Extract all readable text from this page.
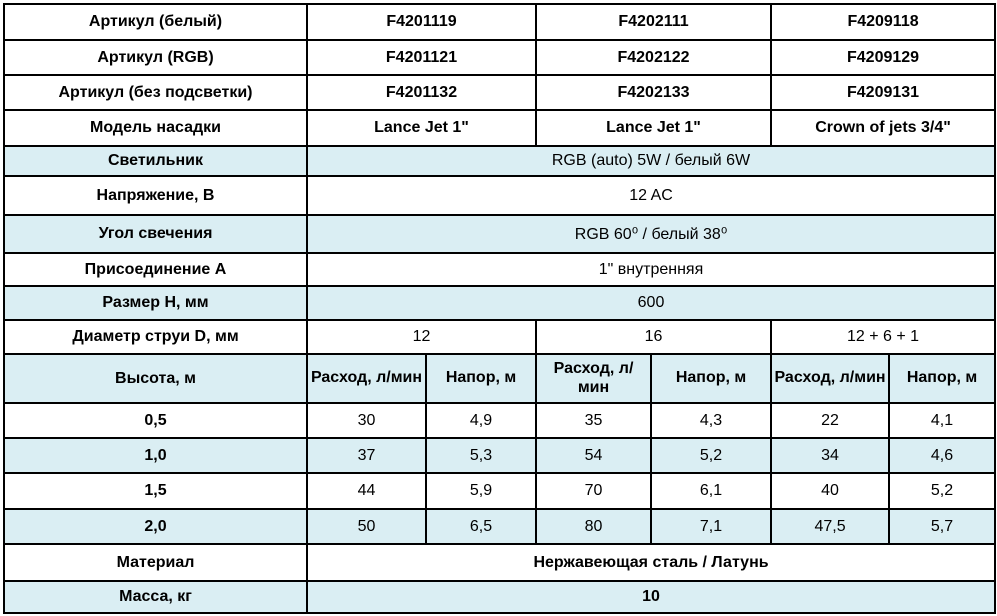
Артикул (белый)	F4201119		F4202111		F4209118	
Артикул (RGB)	F4201121		F4202122		F4209129	
Артикул (без подсветки)	F4201132		F4202133		F4209131	
Модель насадки	Lance Jet 1"		Lance Jet 1"		Crown of jets 3/4"	
Светильник	RGB (auto) 5W / белый 6W					
Напряжение, В	12 AC					
Угол свечения	RGB 60⁰ / белый 38⁰					
Присоединение A	1" внутренняя					
Размер H, мм	600					
Диаметр струи D, мм	12		16		12 + 6 + 1	
Высота, м	Расход, л/мин	Напор, м	Расход, л/мин	Напор, м	Расход, л/мин	Напор, м
0,5	30	4,9	35	4,3	22	4,1
1,0	37	5,3	54	5,2	34	4,6
1,5	44	5,9	70	6,1	40	5,2
2,0	50	6,5	80	7,1	47,5	5,7
Материал	Нержавеющая сталь / Латунь					
Масса, кг	10					
